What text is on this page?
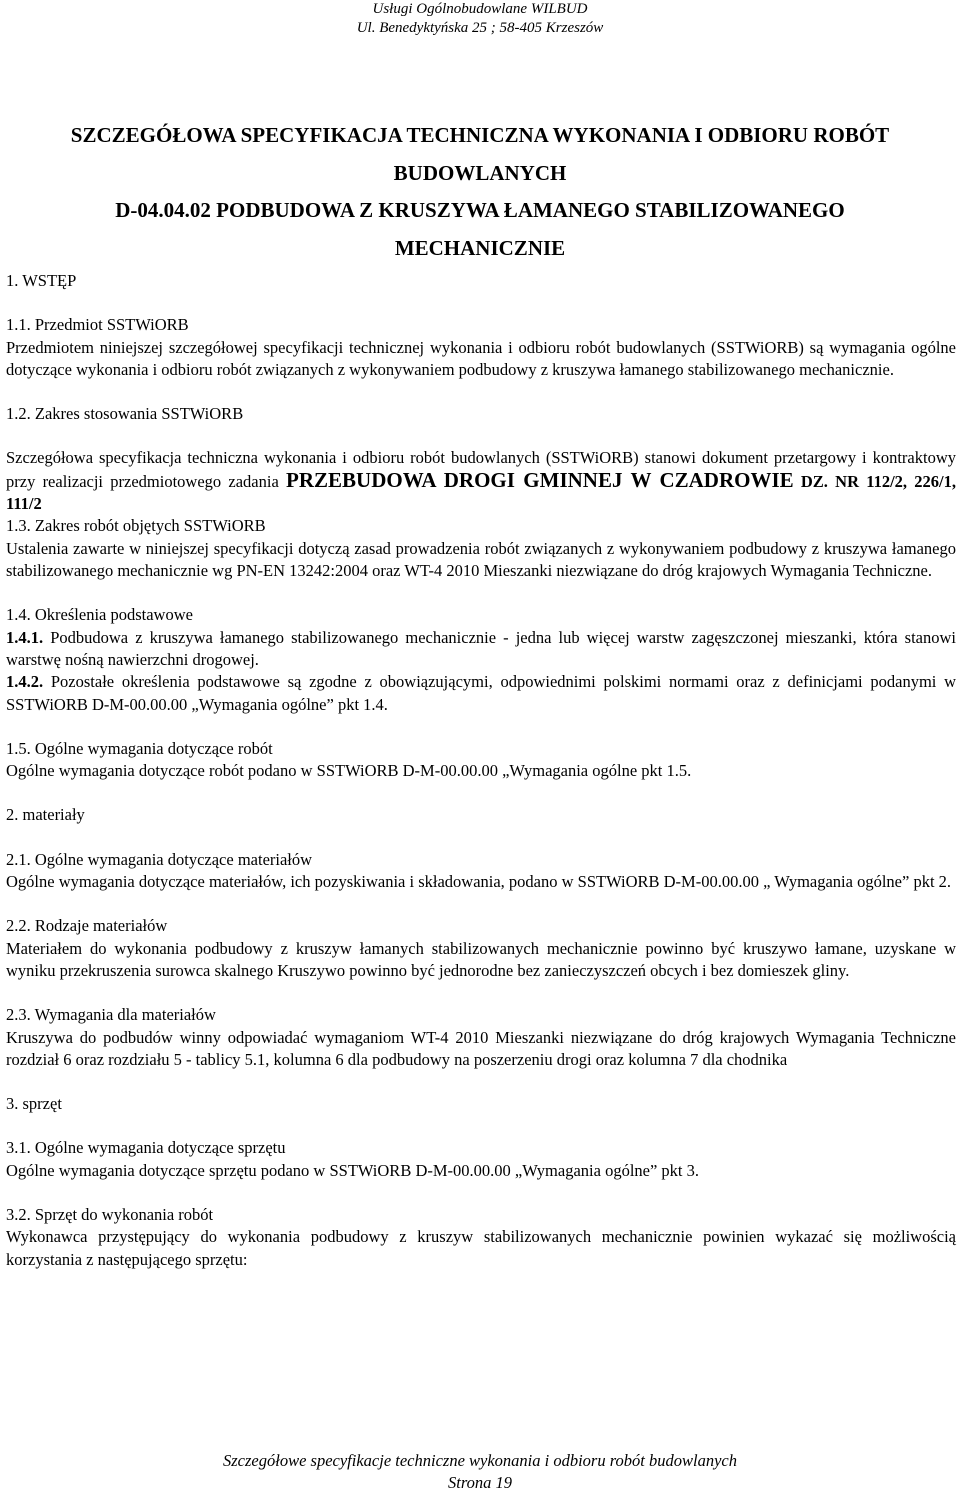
Usługi Ogólnobudowlane WILBUD
Ul. Benedyktyńska 25 ; 58-405 Krzeszów
SZCZEGÓŁOWA SPECYFIKACJA TECHNICZNA WYKONANIA I ODBIORU ROBÓT
BUDOWLANYCH
D-04.04.02 PODBUDOWA Z KRUSZYWA ŁAMANEGO STABILIZOWANEGO
MECHANICZNIE

1. WSTĘP

1.1. Przedmiot SSTWiORB

Przedmiotem niniejszej szczegółowej specyfikacji technicznej wykonania i odbioru robót budowlanych (SSTWiORB) są wymagania ogólne dotyczące wykonania i odbioru robót związanych z wykonywaniem podbudowy z kruszywa łamanego stabilizowanego mechanicznie.

1.2. Zakres stosowania SSTWiORB

Szczegółowa specyfikacja techniczna wykonania i odbioru robót budowlanych (SSTWiORB) stanowi dokument przetargowy i kontraktowy przy realizacji przedmiotowego zadania PRZEBUDOWA DROGI GMINNEJ W CZADROWIE DZ. NR 112/2, 226/1, 111/2

1.3. Zakres robót objętych SSTWiORB

Ustalenia zawarte w niniejszej specyfikacji dotyczą zasad prowadzenia robót związanych z wykonywaniem podbudowy z kruszywa łamanego stabilizowanego mechanicznie wg PN-EN 13242:2004 oraz WT-4 2010 Mieszanki niezwiązane do dróg krajowych Wymagania Techniczne.

1.4. Określenia podstawowe

1.4.1. Podbudowa z kruszywa łamanego stabilizowanego mechanicznie - jedna lub więcej warstw zagęszczonej mieszanki, która stanowi warstwę nośną nawierzchni drogowej.

1.4.2. Pozostałe określenia podstawowe są zgodne z obowiązującymi, odpowiednimi polskimi normami oraz z definicjami podanymi w SSTWiORB D-M-00.00.00 „Wymagania ogólne” pkt 1.4.

1.5. Ogólne wymagania dotyczące robót

Ogólne wymagania dotyczące robót podano w SSTWiORB D-M-00.00.00 „Wymagania ogólne pkt 1.5.

2. materiały

2.1. Ogólne wymagania dotyczące materiałów

Ogólne wymagania dotyczące materiałów, ich pozyskiwania i składowania, podano w SSTWiORB D-M-00.00.00 „ Wymagania ogólne” pkt 2.

2.2. Rodzaje materiałów

Materiałem do wykonania podbudowy z kruszyw łamanych stabilizowanych mechanicznie powinno być kruszywo łamane, uzyskane w wyniku przekruszenia surowca skalnego Kruszywo powinno być jednorodne bez zanieczyszczeń obcych i bez domieszek gliny.

2.3. Wymagania dla materiałów

Kruszywa do podbudów winny odpowiadać wymaganiom WT-4 2010 Mieszanki niezwiązane do dróg krajowych Wymagania Techniczne rozdział 6 oraz rozdziału 5 - tablicy 5.1, kolumna 6 dla podbudowy na poszerzeniu drogi oraz kolumna 7 dla chodnika

3. sprzęt

3.1. Ogólne wymagania dotyczące sprzętu

Ogólne wymagania dotyczące sprzętu podano w SSTWiORB D-M-00.00.00 „Wymagania ogólne” pkt 3.

3.2. Sprzęt do wykonania robót

Wykonawca przystępujący do wykonania podbudowy z kruszyw stabilizowanych mechanicznie powinien wykazać się możliwością korzystania z następującego sprzętu:

Szczegółowe specyfikacje techniczne wykonania i odbioru robót budowlanych
Strona 19
